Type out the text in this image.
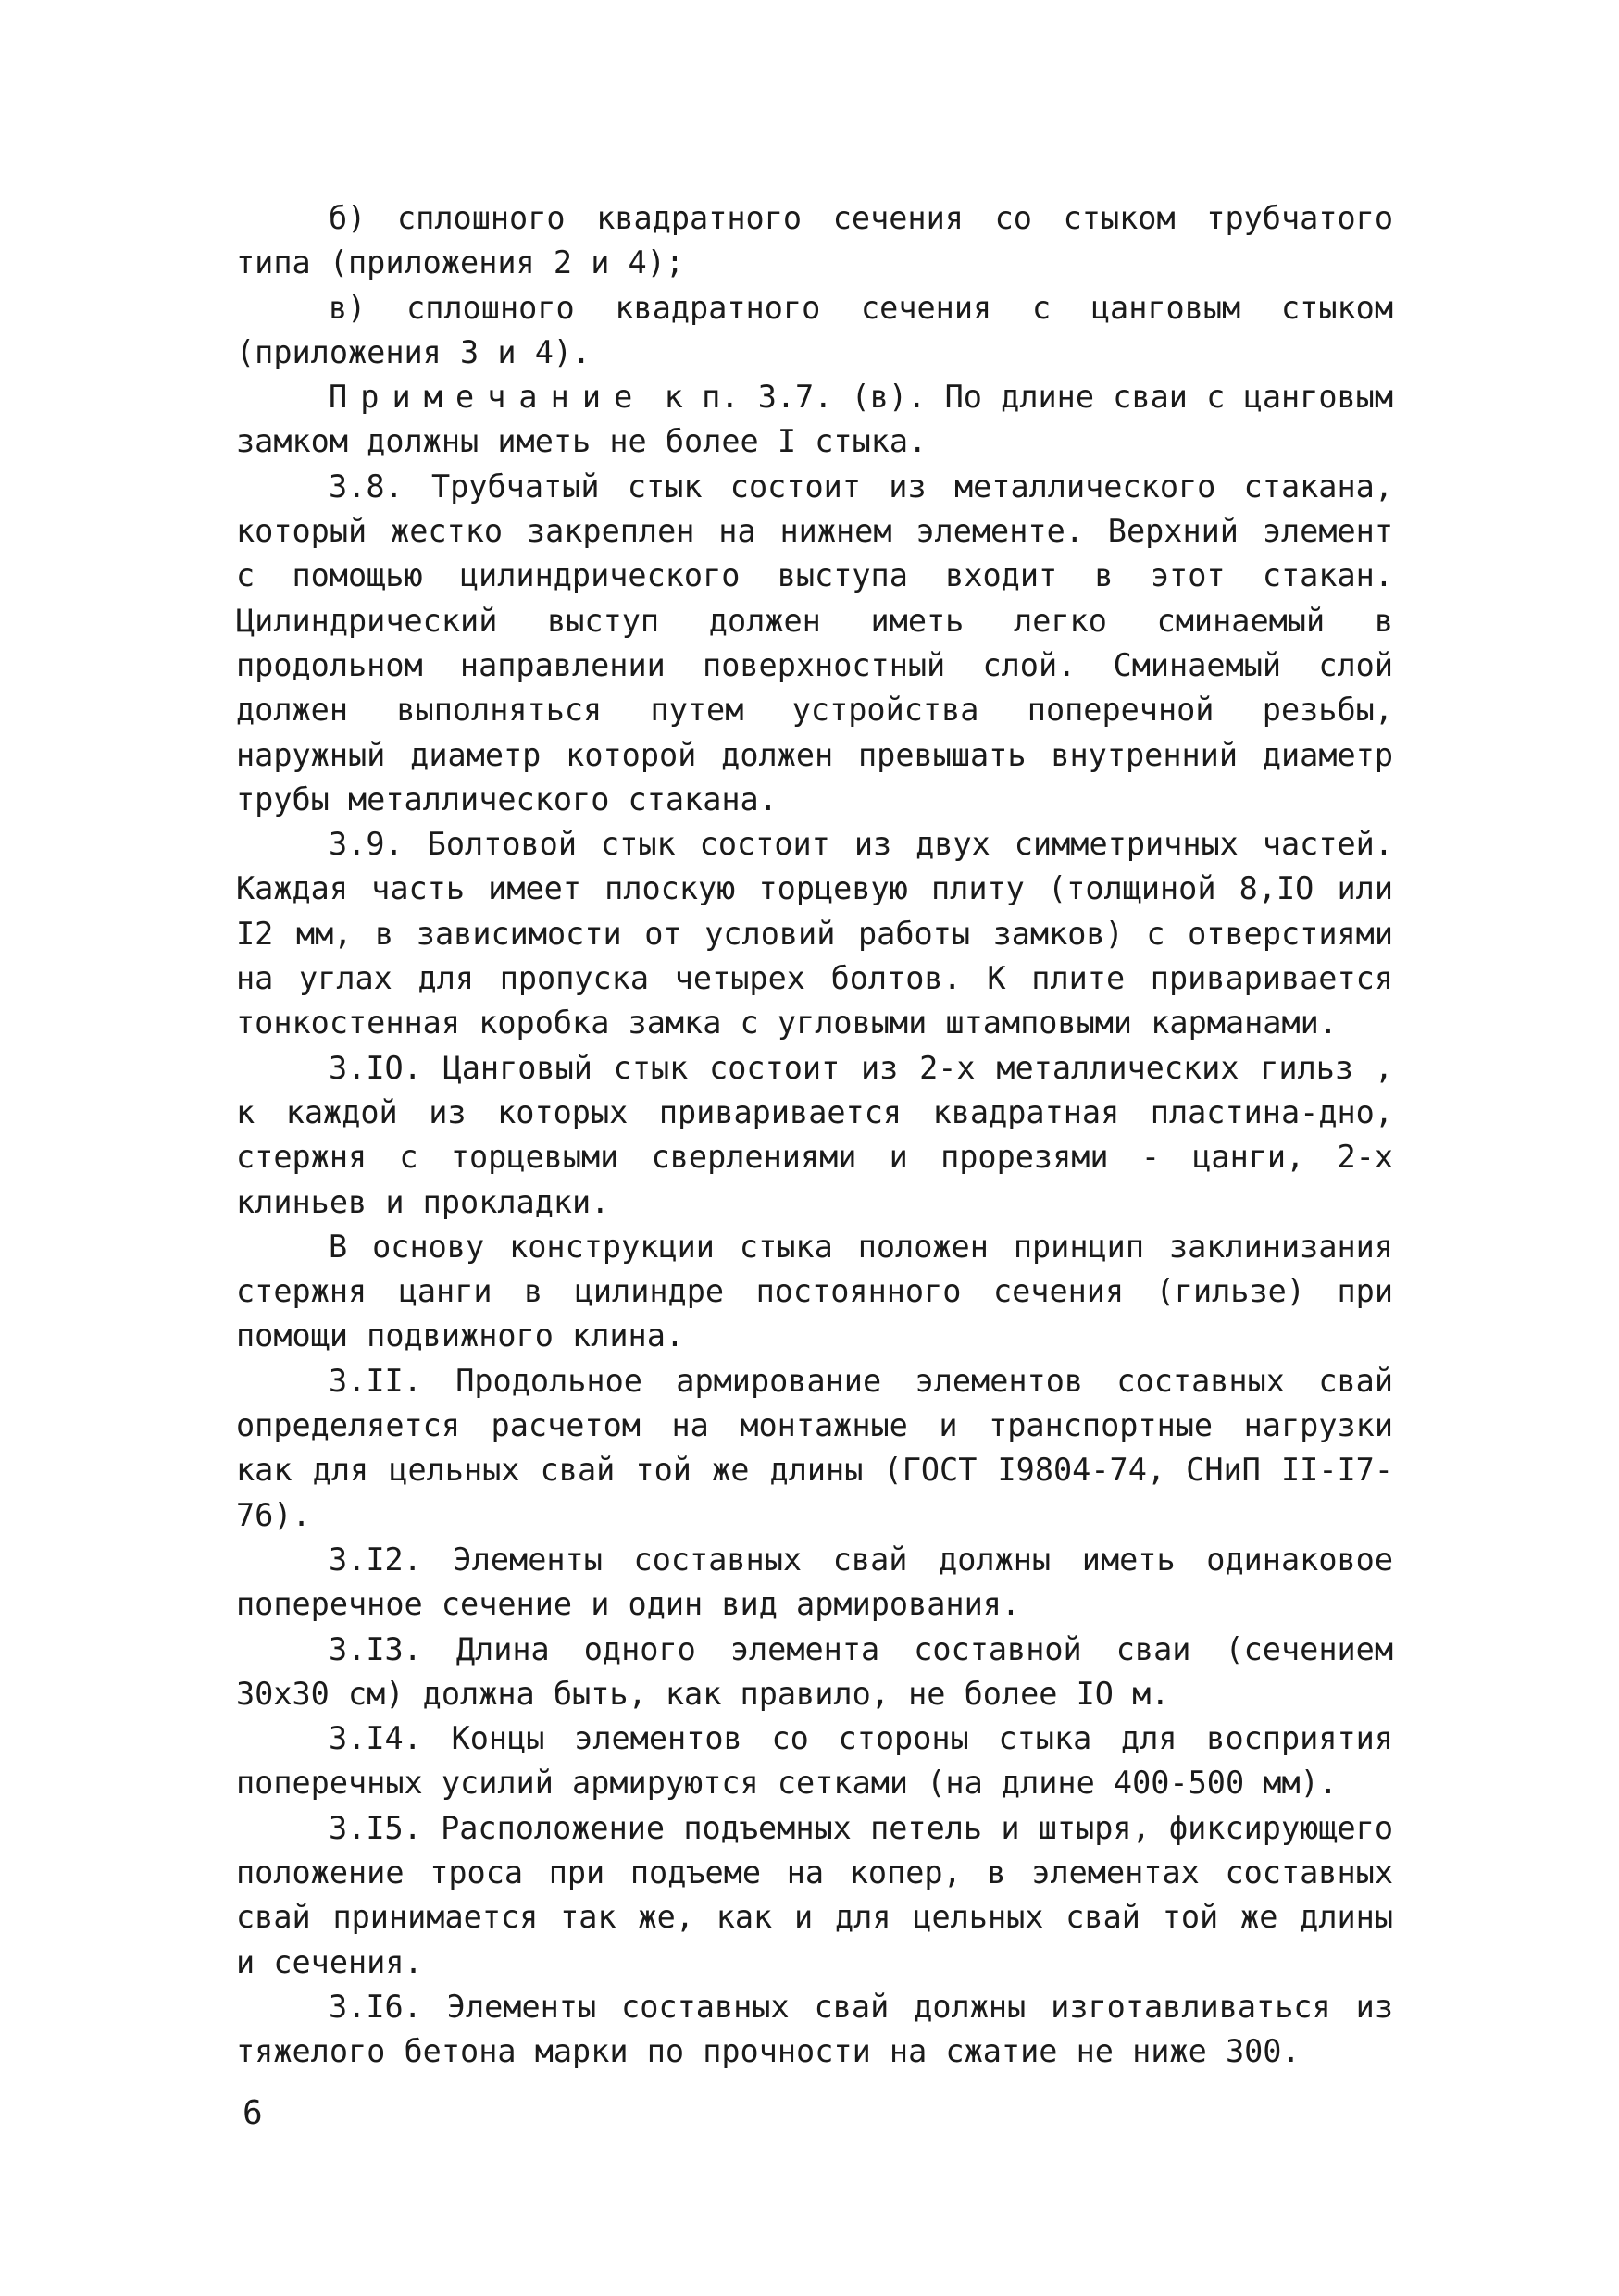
б) сплошного квадратного сечения со стыком трубчатого типа (приложения 2 и 4);

в) сплошного квадратного сечения с цанговым стыком (приложения 3 и 4).

Примечание к п. 3.7. (в). По длине сваи с цанговым замком должны иметь не более I стыка.

3.8. Трубчатый стык состоит из металлического стакана, который жестко закреплен на нижнем элементе. Верхний элемент с помощью цилиндрического выступа входит в этот стакан. Цилиндрический выступ должен иметь легко сминаемый в продольном направлении поверхностный слой. Сминаемый слой должен выполняться путем устройства поперечной резьбы, наружный диаметр которой должен превышать внутренний диаметр трубы металлического стакана.

3.9. Болтовой стык состоит из двух симметричных частей. Каждая часть имеет плоскую торцевую плиту (толщиной 8,IO или I2 мм, в зависимости от условий работы замков) с отверстиями на углах для пропуска четырех болтов. К плите приваривается тонкостенная коробка замка с угловыми штамповыми карманами.

3.IO. Цанговый стык состоит из 2-х металлических гильз , к каждой из которых приваривается квадратная пластина-дно, стержня с торцевыми сверлениями и прорезями - цанги, 2-х клиньев и прокладки.

В основу конструкции стыка положен принцип заклинизания стержня цанги в цилиндре постоянного сечения (гильзе) при помощи подвижного клина.

3.II. Продольное армирование элементов составных свай определяется расчетом на монтажные и транспортные нагрузки как для цельных свай той же длины (ГОСТ I9804-74, СНиП II-I7-76).

3.I2. Элементы составных свай должны иметь одинаковое поперечное сечение и один вид армирования.

3.I3. Длина одного элемента составной сваи (сечением 30х30 см) должна быть, как правило, не более IO м.

3.I4. Концы элементов со стороны стыка для восприятия поперечных усилий армируются сетками (на длине 400-500 мм).

3.I5. Расположение подъемных петель и штыря, фиксирующего положение троса при подъеме на копер, в элементах составных свай принимается так же, как и для цельных свай той же длины и сечения.

3.I6. Элементы составных свай должны изготавливаться из тяжелого бетона марки по прочности на сжатие не ниже 300.

6
